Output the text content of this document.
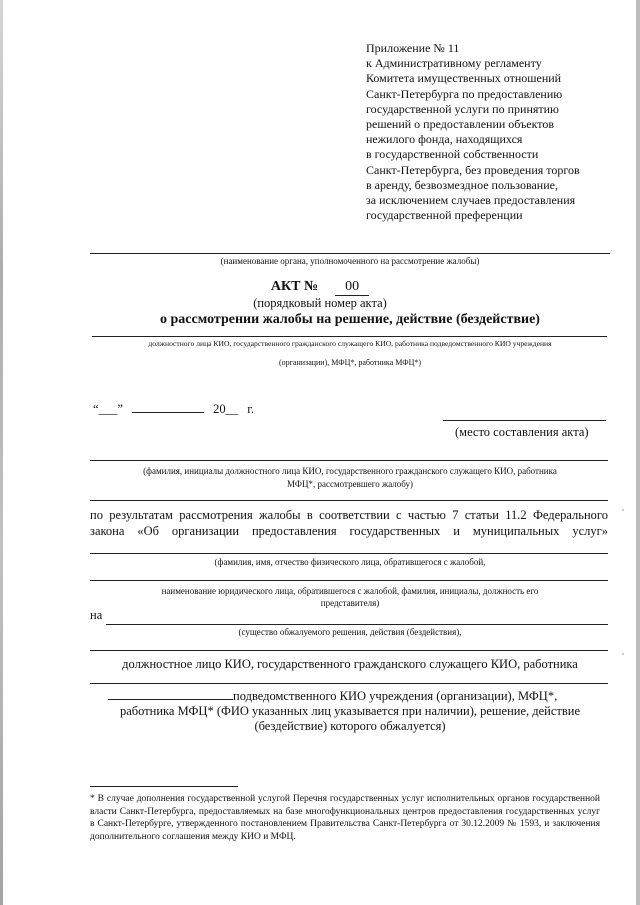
Приложение № 11
к Административному регламенту
Комитета имущественных отношений
Санкт-Петербурга по предоставлению
государственной услуги по принятию
решений о предоставлении объектов
нежилого фонда, находящихся
в государственной собственности
Санкт-Петербурга, без проведения торгов
в аренду, безвозмездное пользование,
за исключением случаев предоставления
государственной преференции
(наименование органа, уполномоченного на рассмотрение жалобы)
АКТ № 00
(порядковый номер акта)
о рассмотрении жалобы на решение, действие (бездействие)
должностного лица КИО, государственного гражданского служащего КИО, работника подведомственного КИО учреждения
(организации), МФЦ*, работника МФЦ*)
“___”	20__ г.
(место составления акта)
(фамилия, инициалы должностного лица КИО, государственного гражданского служащего КИО, работника
МФЦ*, рассмотревшего жалобу)
,
по результатам рассмотрения жалобы в соответствии с частью 7 статьи 11.2 Федерального
закона «Об организации предоставления государственных и муниципальных услуг»
(фамилия, имя, отчество физического лица, обратившегося с жалобой,
наименование юридического лица, обратившегося с жалобой, фамилия, инициалы, должность его
представителя)
на
(существо обжалуемого решения, действия (бездействия),
,
должностное лицо КИО, государственного гражданского служащего КИО, работника
подведомственного КИО учреждения (организации), МФЦ*,
работника МФЦ* (ФИО указанных лиц указывается при наличии), решение, действие
(бездействие) которого обжалуется)
* В случае дополнения государственной услугой Перечня государственных услуг исполнительных органов государственной власти Санкт-Петербурга, предоставляемых на базе многофункциональных центров предоставления государственных услуг в Санкт-Петербурге, утвержденного постановлением Правительства Санкт-Петербурга от 30.12.2009 № 1593, и заключения дополнительного соглашения между КИО и МФЦ.
